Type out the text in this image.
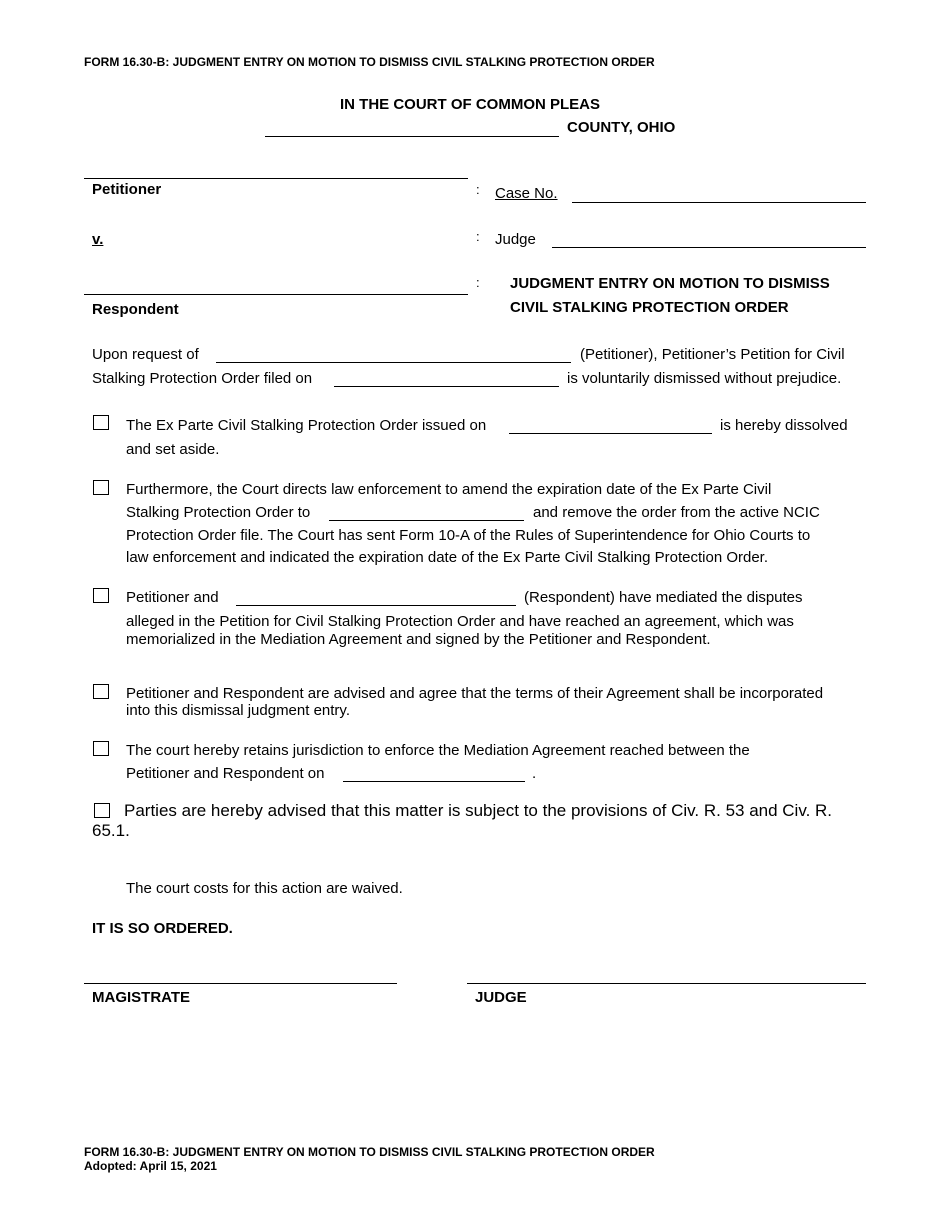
FORM 16.30-B: JUDGMENT ENTRY ON MOTION TO DISMISS CIVIL STALKING PROTECTION ORDER
IN THE COURT OF COMMON PLEAS
COUNTY, OHIO
Petitioner
v.
Respondent
:
:
:
Case No.
Judge
JUDGMENT ENTRY ON MOTION TO DISMISS
CIVIL STALKING PROTECTION ORDER
Upon request of	(Petitioner), Petitioner’s Petition for Civil
Stalking Protection Order filed on	is voluntarily dismissed without prejudice.
The Ex Parte Civil Stalking Protection Order issued on	is hereby dissolved
and set aside.
Furthermore, the Court directs law enforcement to amend the expiration date of the Ex Parte Civil
Stalking Protection Order to	and remove the order from the active NCIC
Protection Order file. The Court has sent Form 10-A of the Rules of Superintendence for Ohio Courts to
law enforcement and indicated the expiration date of the Ex Parte Civil Stalking Protection Order.
Petitioner and	(Respondent) have mediated the disputes
alleged in the Petition for Civil Stalking Protection Order and have reached an agreement, which was
memorialized in the Mediation Agreement and signed by the Petitioner and Respondent.
Petitioner and Respondent are advised and agree that the terms of their Agreement shall be incorporated
into this dismissal judgment entry.
The court hereby retains jurisdiction to enforce the Mediation Agreement reached between the
Petitioner and Respondent on	.
Parties are hereby advised that this matter is subject to the provisions of Civ. R. 53 and Civ. R.
65.1.
The court costs for this action are waived.
IT IS SO ORDERED.
MAGISTRATE	JUDGE
FORM 16.30-B: JUDGMENT ENTRY ON MOTION TO DISMISS CIVIL STALKING PROTECTION ORDER
Adopted: April 15, 2021
